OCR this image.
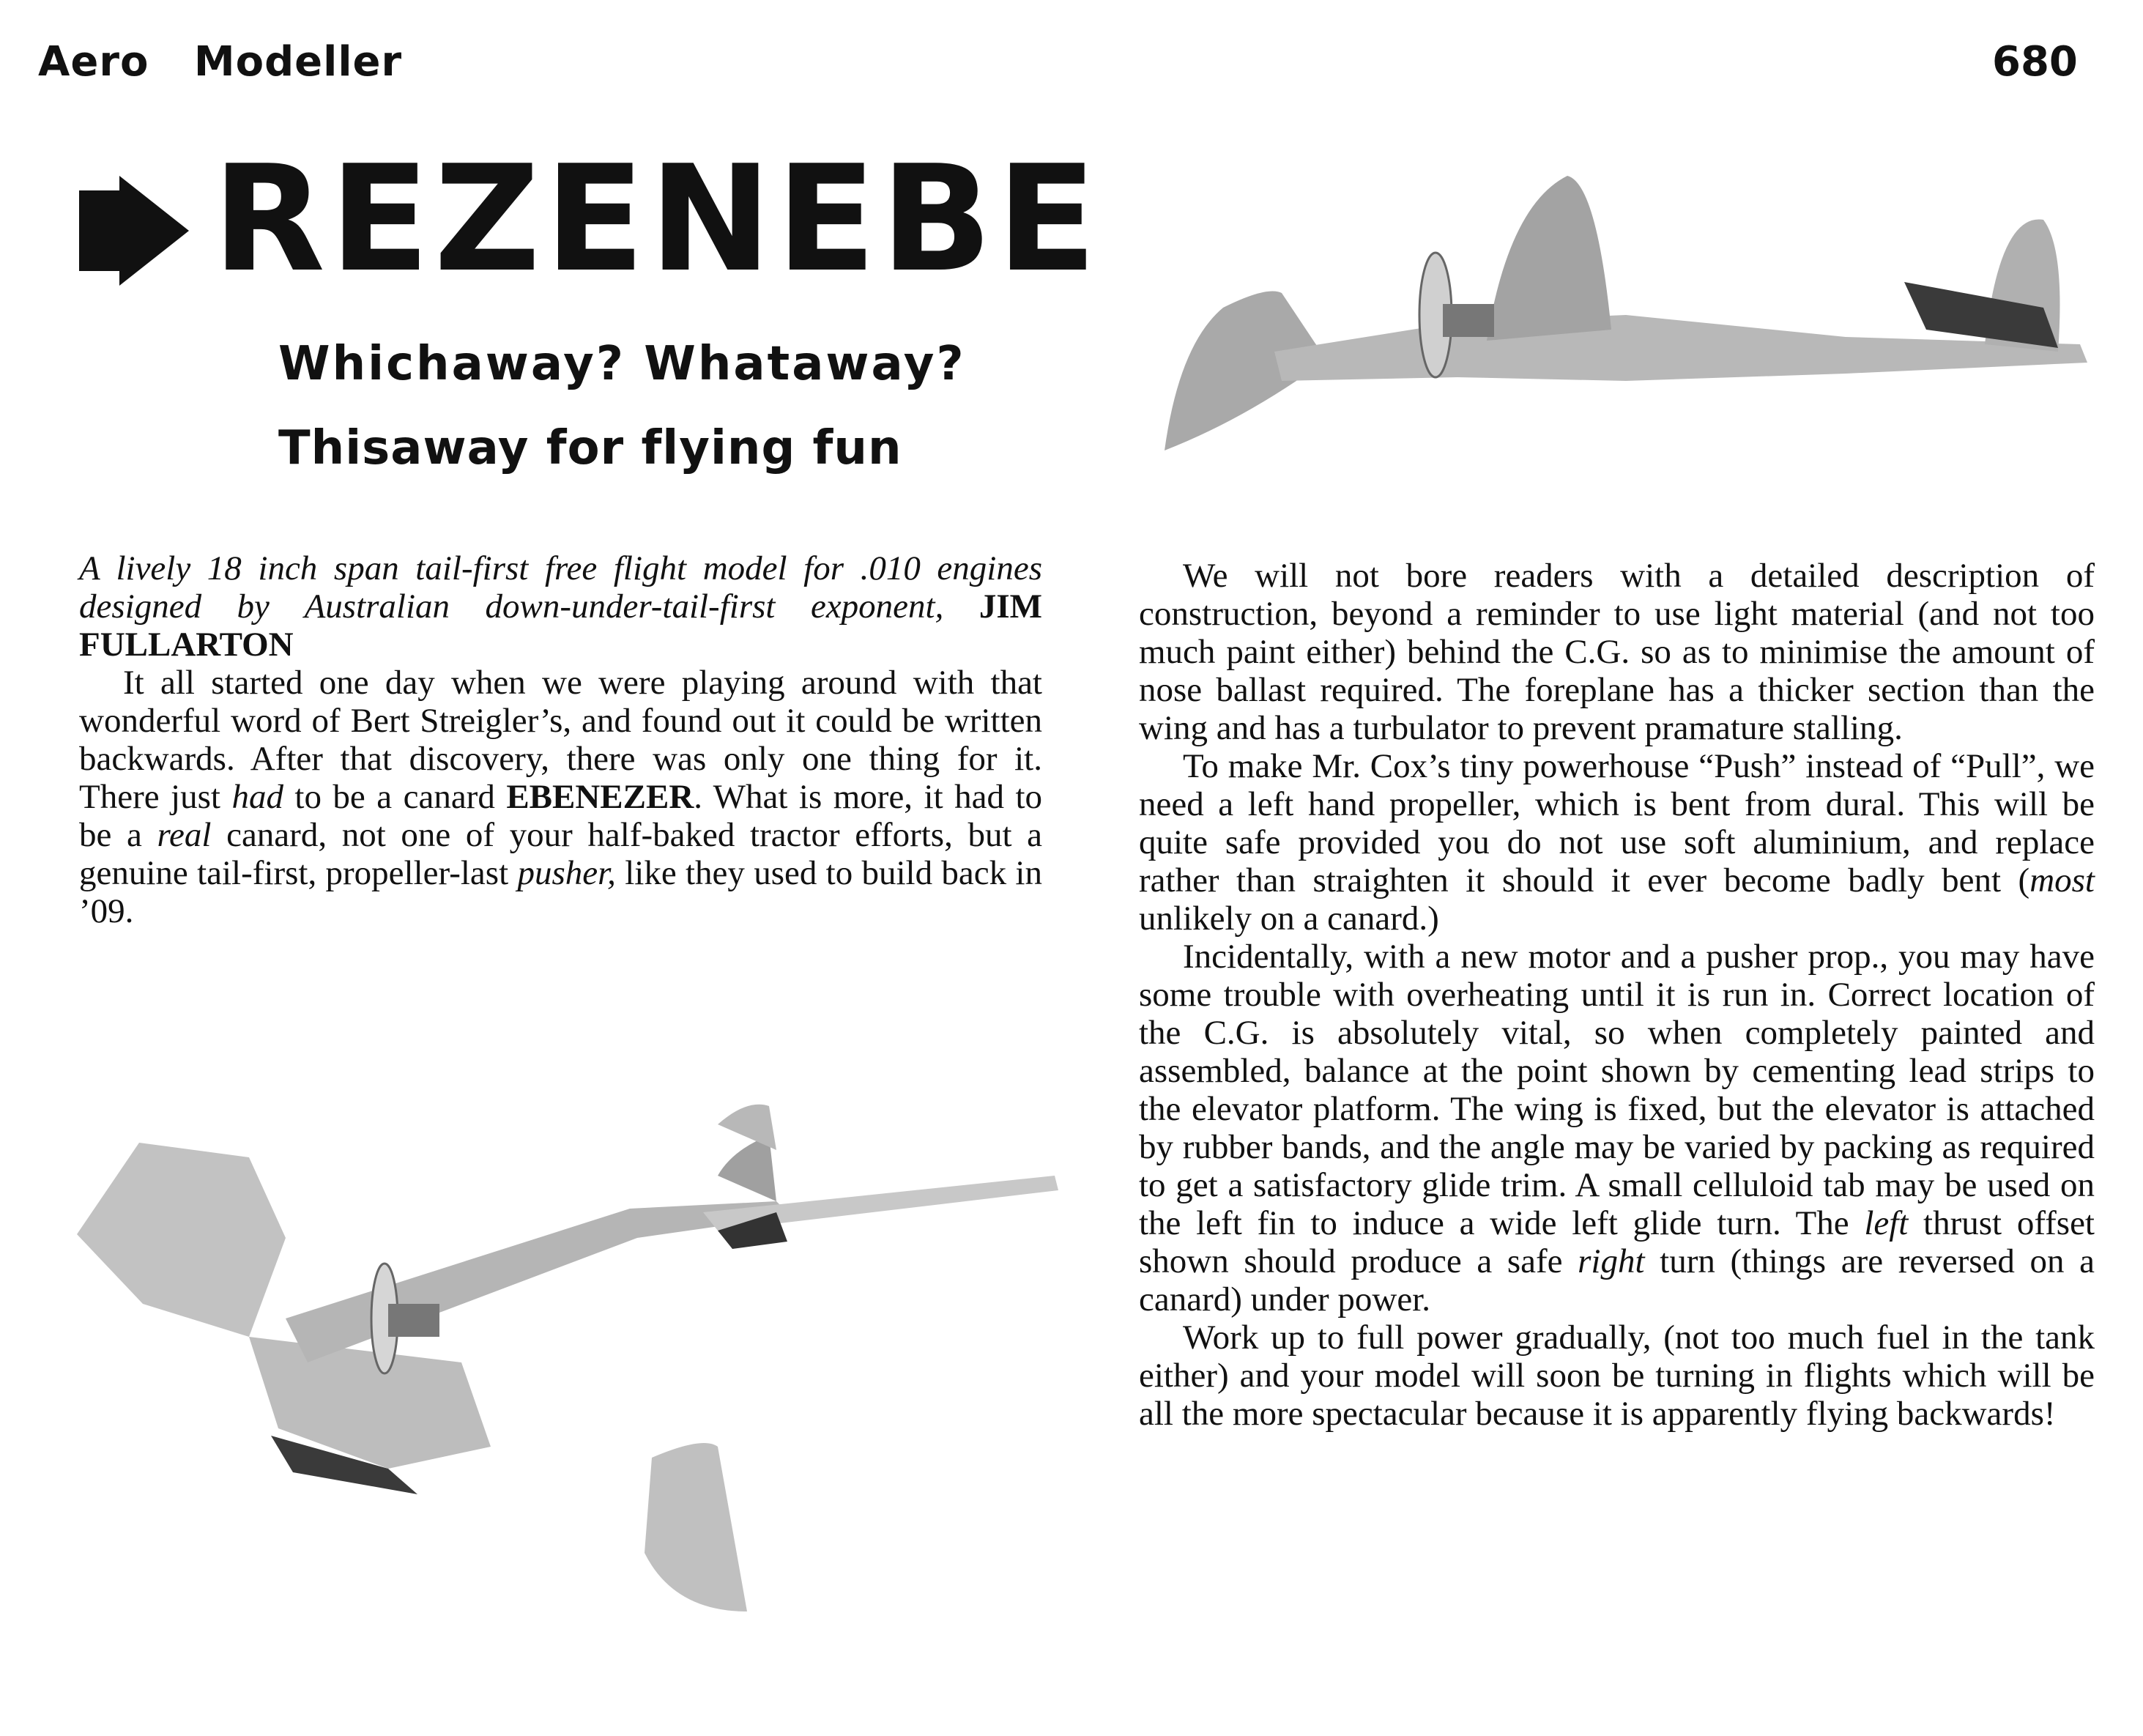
Aero   Modeller	680
REZENEBE
Whichaway? Whataway?
Thisaway for flying fun

A lively 18 inch span tail-first free flight model for .010 engines designed by Australian down-under-tail-first exponent, JIM FULLARTON

It all started one day when we were playing around with that wonderful word of Bert Streigler’s, and found out it could be written backwards. After that discovery, there was only one thing for it. There just had to be a canard EBENEZER. What is more, it had to be a real canard, not one of your half-baked tractor efforts, but a genuine tail-first, propeller-last pusher, like they used to build back in ’09.

We will not bore readers with a detailed description of construction, beyond a reminder to use light material (and not too much paint either) behind the C.G. so as to minimise the amount of nose ballast required. The foreplane has a thicker section than the wing and has a turbulator to prevent pramature stalling.

To make Mr. Cox’s tiny powerhouse “Push” instead of “Pull”, we need a left hand propeller, which is bent from dural. This will be quite safe provided you do not use soft aluminium, and replace rather than straighten it should it ever become badly bent (most unlikely on a canard.)

Incidentally, with a new motor and a pusher prop., you may have some trouble with overheating until it is run in. Correct location of the C.G. is absolutely vital, so when completely painted and assembled, balance at the point shown by cementing lead strips to the elevator platform. The wing is fixed, but the elevator is attached by rubber bands, and the angle may be varied by packing as required to get a satisfactory glide trim. A small celluloid tab may be used on the left fin to induce a wide left glide turn. The left thrust offset shown should produce a safe right turn (things are reversed on a canard) under power.

Work up to full power gradually, (not too much fuel in the tank either) and your model will soon be turning in flights which will be all the more spectacular because it is apparently flying backwards!
